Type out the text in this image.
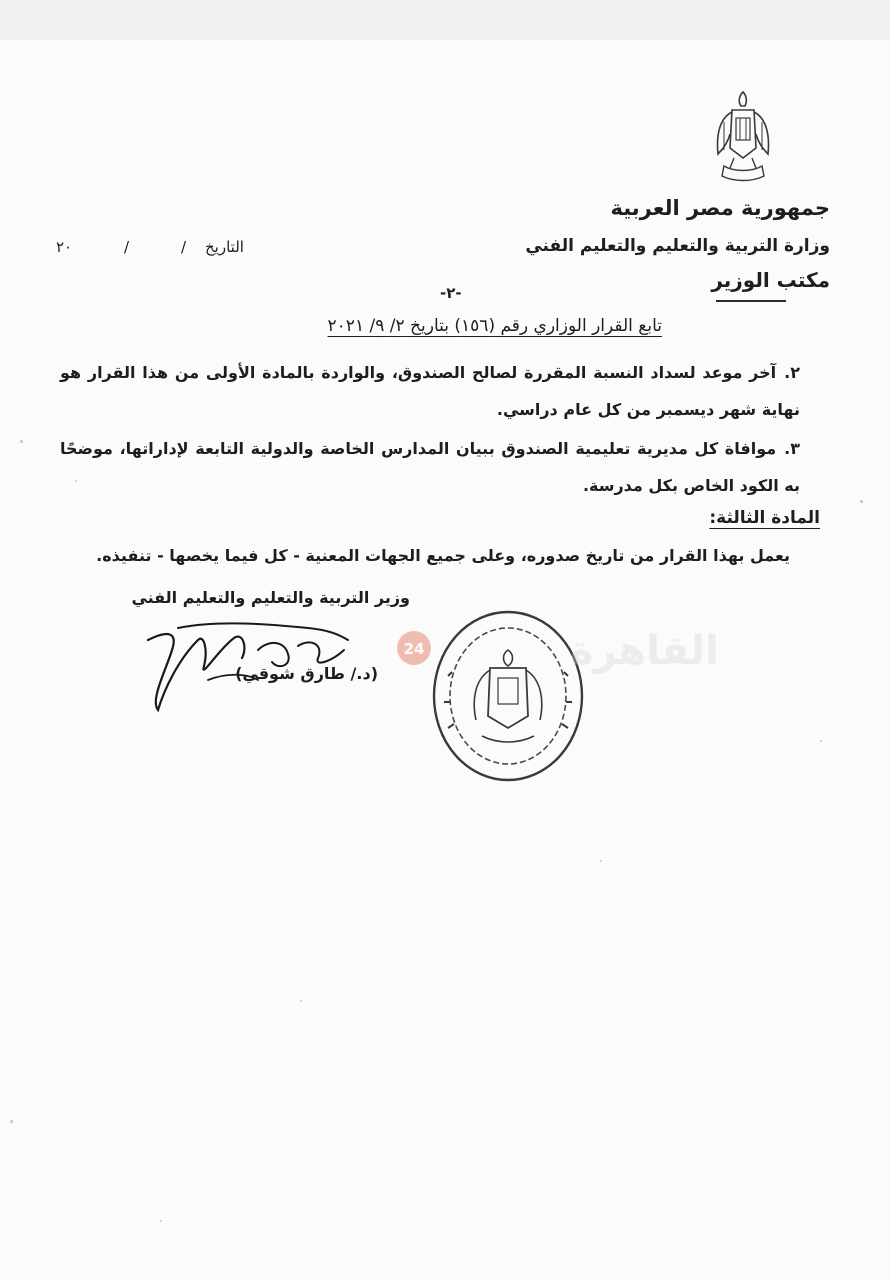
جمهورية مصر العربية
وزارة التربية والتعليم والتعليم الفني
مكتب الوزير
التاريخ
/
/
٢٠
-٢-
تابع القرار الوزاري رقم (١٥٦) بتاريخ ٢/ ٩/ ٢٠٢١
٢.آخر موعد لسداد النسبة المقررة لصالح الصندوق، والواردة بالمادة الأولى من هذا القرار هو نهاية شهر ديسمبر من كل عام دراسي.
٣.موافاة كل مديرية تعليمية الصندوق ببيان المدارس الخاصة والدولية التابعة لإداراتها، موضحًا به الكود الخاص بكل مدرسة.
المادة الثالثة:
يعمل بهذا القرار من تاريخ صدوره، وعلى جميع الجهات المعنية - كل فيما يخصها - تنفيذه.
وزير التربية والتعليم والتعليم الفني
(د./ طارق شوقي)
24	القاهرة
